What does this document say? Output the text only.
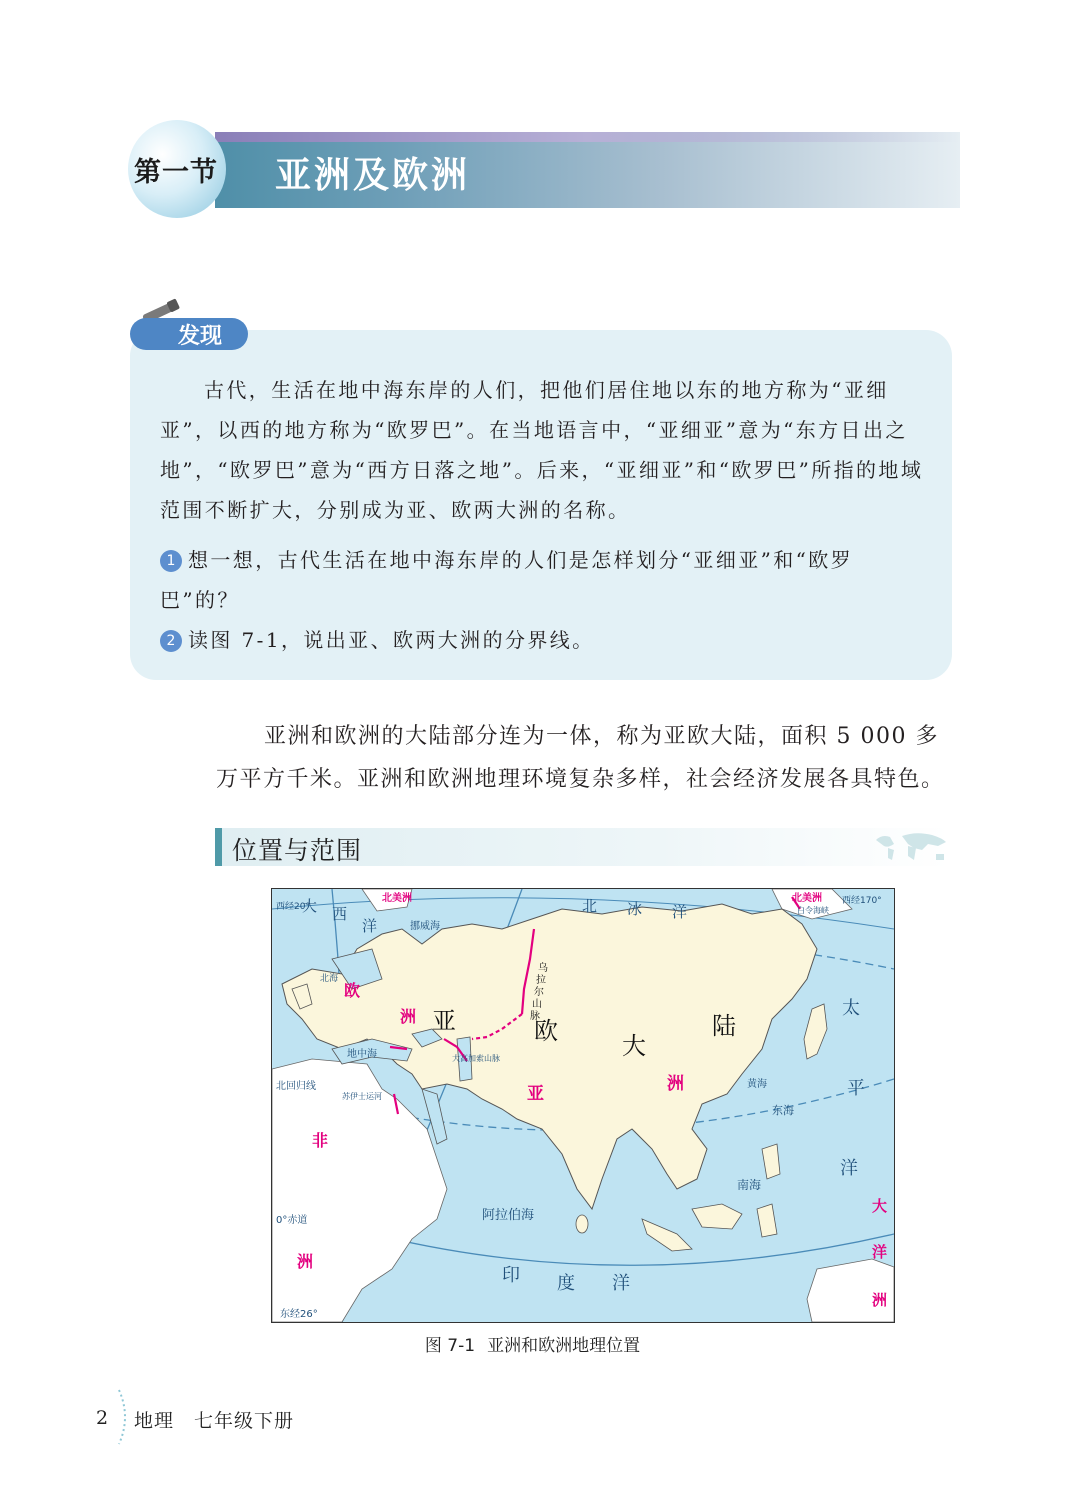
第一节 亚洲及欧洲
发现
古代，生活在地中海东岸的人们，把他们居住地以东的地方称为“亚细亚”，以西的地方称为“欧罗巴”。在当地语言中，“亚细亚”意为“东方日出之地”，“欧罗巴”意为“西方日落之地”。后来，“亚细亚”和“欧罗巴”所指的地域范围不断扩大，分别成为亚、欧两大洲的名称。
1 想一想，古代生活在地中海东岸的人们是怎样划分“亚细亚”和“欧罗巴”的？
2 读图 7-1，说出亚、欧两大洲的分界线。
亚洲和欧洲的大陆部分连为一体，称为亚欧大陆，面积 5 000 多万平方千米。亚洲和欧洲地理环境复杂多样，社会经济发展各具特色。
位置与范围
大 西
洋
北 冰 洋
太
平
洋
印 度 洋
亚	欧
大
陆
亚	洲
欧
洲
非
洲
大
洋
洲
北美洲	北美洲
乌
拉
尔
山
脉
挪威海
北海
地中海
阿拉伯海
南海
东海
黄海
白令海峡
苏伊士运河
大高加索山脉
北回归线
0°赤道
西经20°
西经170°
东经26°
图 7-1 亚洲和欧洲地理位置
2 地理　七年级下册
